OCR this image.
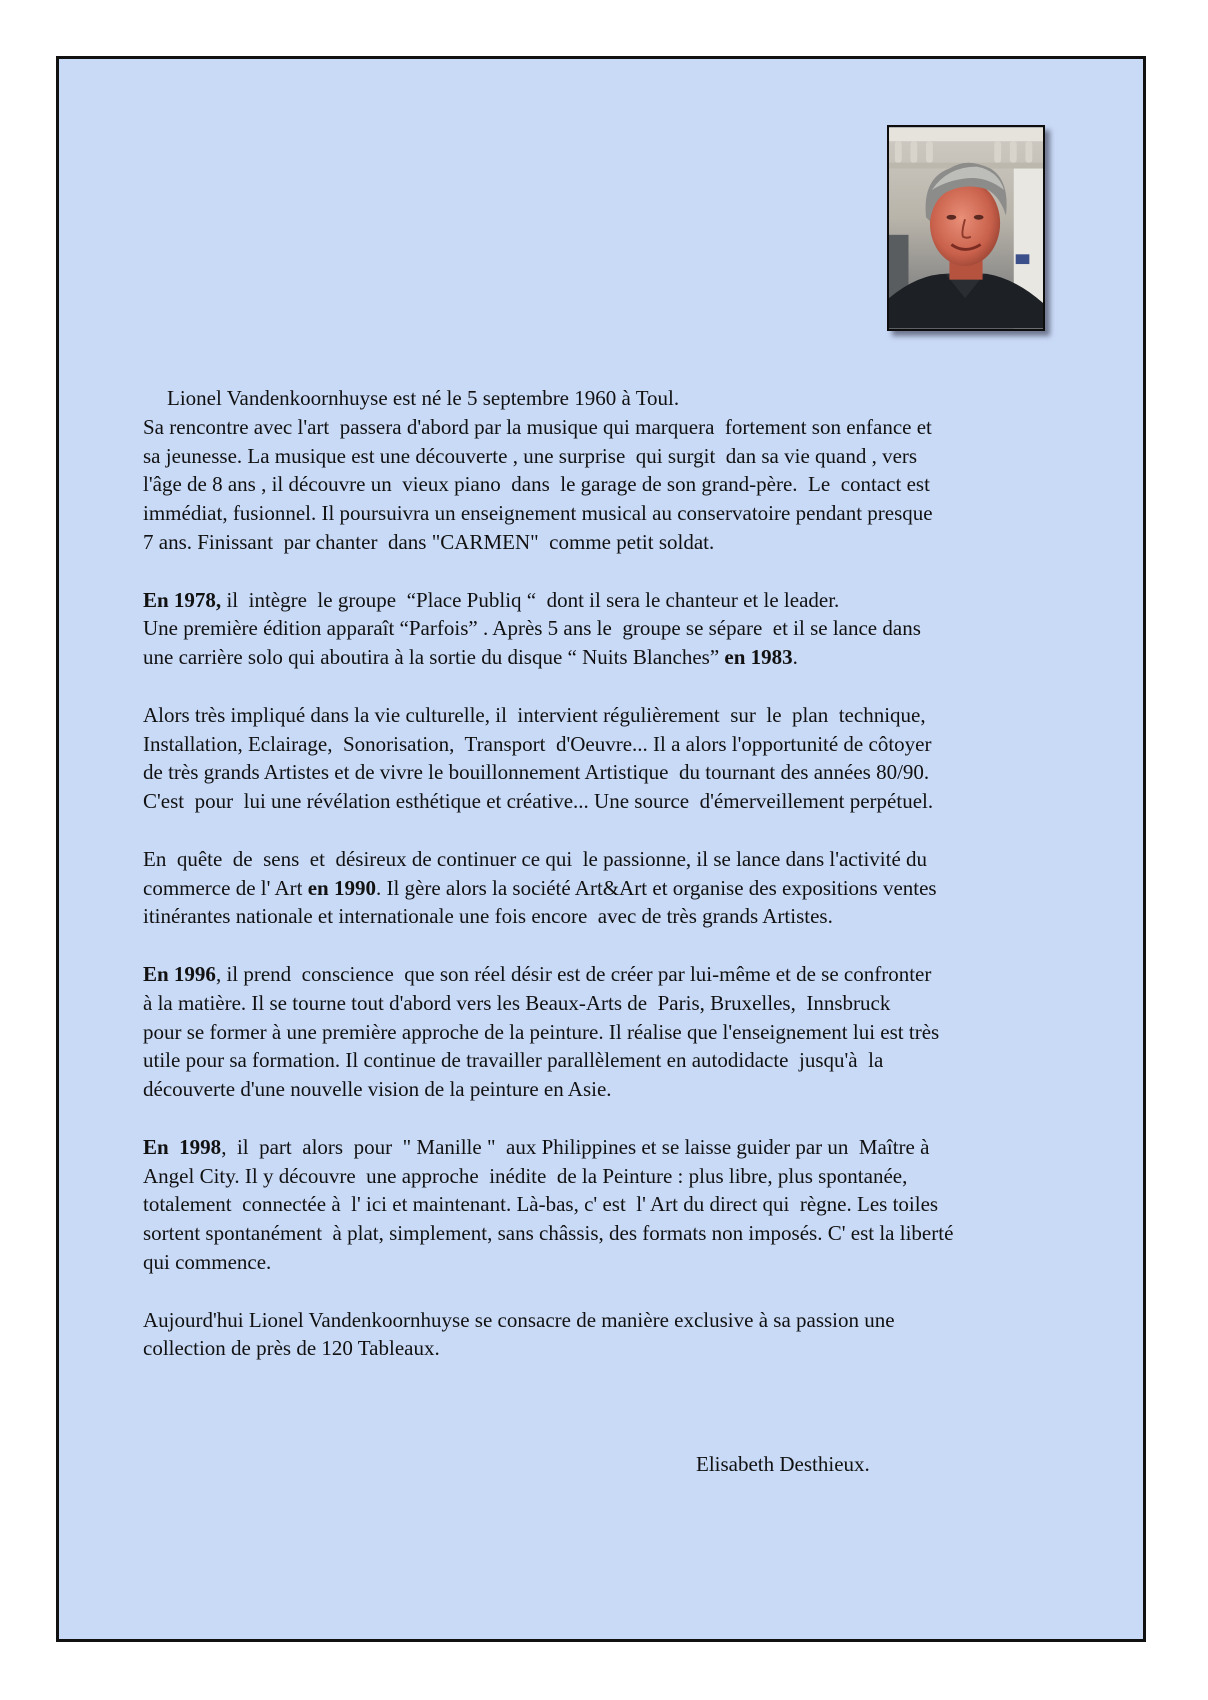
Lionel Vandenkoornhuyse est né le 5 septembre 1960 à Toul.
Sa rencontre avec l'art  passera d'abord par la musique qui marquera  fortement son enfance et
sa jeunesse. La musique est une découverte , une surprise  qui surgit  dan sa vie quand , vers
l'âge de 8 ans , il découvre un  vieux piano  dans  le garage de son grand-père.  Le  contact est
immédiat, fusionnel. Il poursuivra un enseignement musical au conservatoire pendant presque
7 ans. Finissant  par chanter  dans "CARMEN"  comme petit soldat.
En 1978, il  intègre  le groupe  “Place Publiq “  dont il sera le chanteur et le leader.
Une première édition apparaît “Parfois” . Après 5 ans le  groupe se sépare  et il se lance dans
une carrière solo qui aboutira à la sortie du disque “ Nuits Blanches” en 1983.
Alors très impliqué dans la vie culturelle, il  intervient régulièrement  sur  le  plan  technique,
Installation, Eclairage,  Sonorisation,  Transport  d'Oeuvre... Il a alors l'opportunité de côtoyer
de très grands Artistes et de vivre le bouillonnement Artistique  du tournant des années 80/90.
C'est  pour  lui une révélation esthétique et créative... Une source  d'émerveillement perpétuel.
En  quête  de  sens  et  désireux de continuer ce qui  le passionne, il se lance dans l'activité du
commerce de l' Art en 1990. Il gère alors la société Art&Art et organise des expositions ventes
itinérantes nationale et internationale une fois encore  avec de très grands Artistes.
En 1996, il prend  conscience  que son réel désir est de créer par lui-même et de se confronter
à la matière. Il se tourne tout d'abord vers les Beaux-Arts de  Paris, Bruxelles,  Innsbruck
pour se former à une première approche de la peinture. Il réalise que l'enseignement lui est très
utile pour sa formation. Il continue de travailler parallèlement en autodidacte  jusqu'à  la
découverte d'une nouvelle vision de la peinture en Asie.
En  1998,  il  part  alors  pour  " Manille "  aux Philippines et se laisse guider par un  Maître à
Angel City. Il y découvre  une approche  inédite  de la Peinture : plus libre, plus spontanée,
totalement  connectée à  l' ici et maintenant. Là-bas, c' est  l' Art du direct qui  règne. Les toiles
sortent spontanément  à plat, simplement, sans châssis, des formats non imposés. C' est la liberté
qui commence.
Aujourd'hui Lionel Vandenkoornhuyse se consacre de manière exclusive à sa passion une
collection de près de 120 Tableaux.
Elisabeth Desthieux.
